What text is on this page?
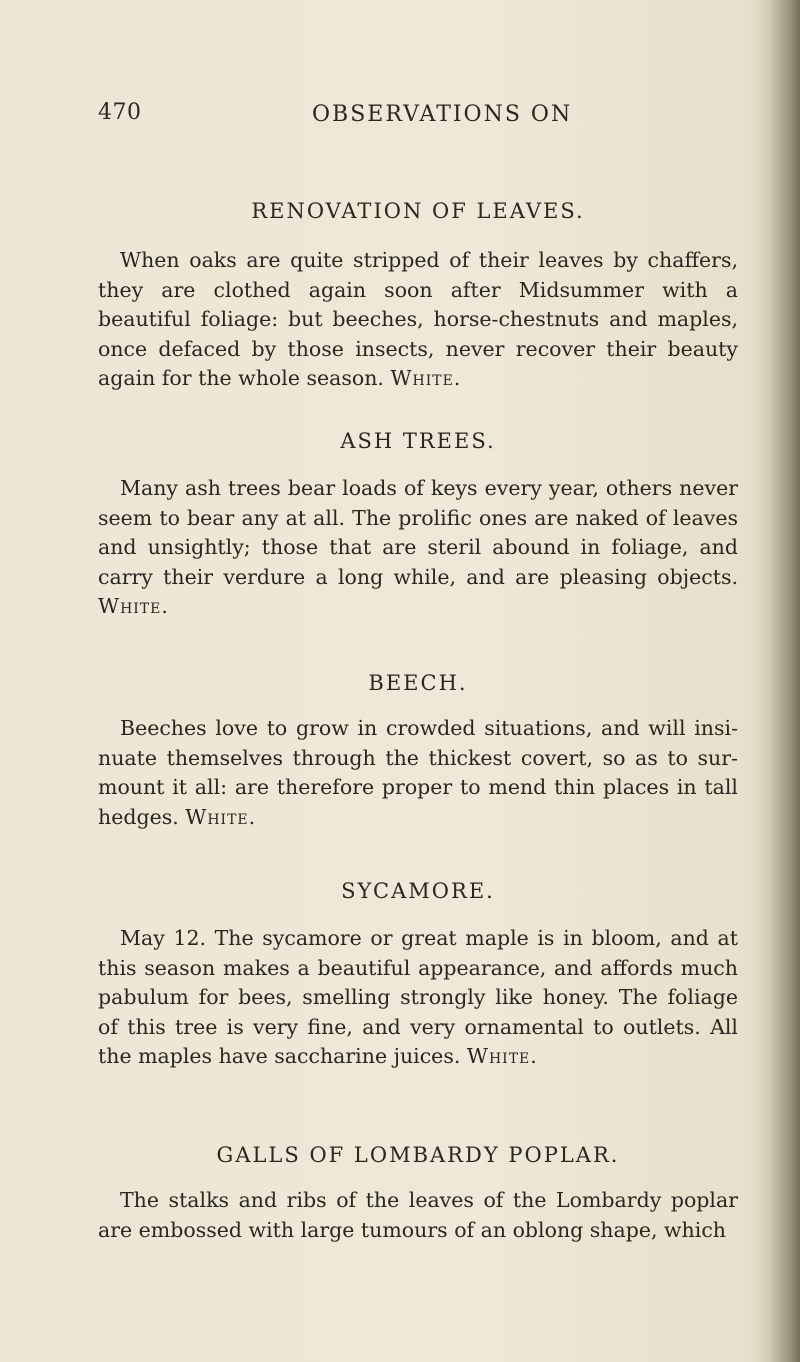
470	OBSERVATIONS ON
RENOVATION OF LEAVES.

When oaks are quite stripped of their leaves by chaffers, they are clothed again soon after Midsummer with a beautiful foliage: but beeches, horse-chestnuts and maples, once defaced by those insects, never recover their beauty again for the whole season. White.

ASH TREES.

Many ash trees bear loads of keys every year, others never seem to bear any at all. The prolific ones are naked of leaves and unsightly; those that are steril abound in foliage, and carry their verdure a long while, and are pleasing objects. White.

BEECH.

Beeches love to grow in crowded situations, and will insi-nuate themselves through the thickest covert, so as to sur-mount it all: are therefore proper to mend thin places in tall hedges. White.

SYCAMORE.

May 12. The sycamore or great maple is in bloom, and at this season makes a beautiful appearance, and affords much pabulum for bees, smelling strongly like honey. The foliage of this tree is very fine, and very ornamental to outlets. All the maples have saccharine juices. White.

GALLS OF LOMBARDY POPLAR.

The stalks and ribs of the leaves of the Lombardy poplar are embossed with large tumours of an oblong shape, which
